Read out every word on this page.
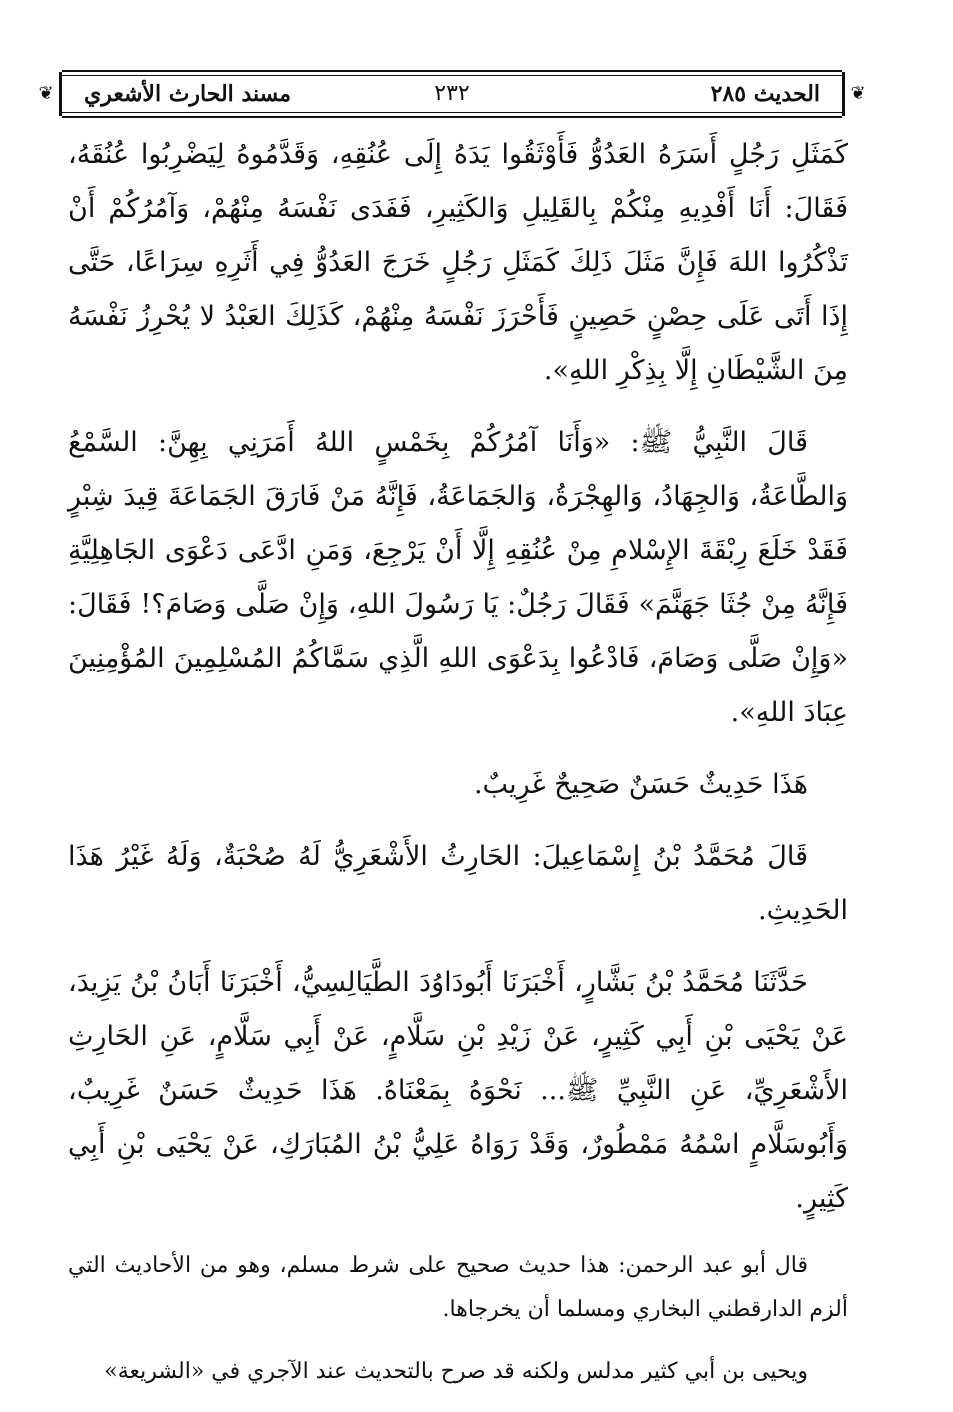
❦	❦
الحديث ٢٨٥
٢٣٢
مسند الحارث الأشعري

كَمَثَلِ رَجُلٍ أَسَرَهُ العَدُوُّ فَأَوْثَقُوا يَدَهُ إِلَى عُنُقِهِ، وَقَدَّمُوهُ لِيَضْرِبُوا عُنُقَهُ، فَقَالَ: أَنَا أَفْدِيهِ مِنْكُمْ بِالقَلِيلِ وَالكَثِيرِ، فَفَدَى نَفْسَهُ مِنْهُمْ، وَآمُرُكُمْ أَنْ تَذْكُرُوا اللهَ فَإِنَّ مَثَلَ ذَلِكَ كَمَثَلِ رَجُلٍ خَرَجَ العَدُوُّ فِي أَثَرِهِ سِرَاعًا، حَتَّى إِذَا أَتَى عَلَى حِصْنٍ حَصِينٍ فَأَحْرَزَ نَفْسَهُ مِنْهُمْ، كَذَلِكَ العَبْدُ لا يُحْرِزُ نَفْسَهُ مِنَ الشَّيْطَانِ إِلَّا بِذِكْرِ اللهِ».

قَالَ النَّبِيُّ ﷺ: «وَأَنَا آمُرُكُمْ بِخَمْسٍ اللهُ أَمَرَنِي بِهِنَّ: السَّمْعُ وَالطَّاعَةُ، وَالجِهَادُ، وَالهِجْرَةُ، وَالجَمَاعَةُ، فَإِنَّهُ مَنْ فَارَقَ الجَمَاعَةَ قِيدَ شِبْرٍ فَقَدْ خَلَعَ رِبْقَةَ الإِسْلامِ مِنْ عُنُقِهِ إِلَّا أَنْ يَرْجِعَ، وَمَنِ ادَّعَى دَعْوَى الجَاهِلِيَّةِ فَإِنَّهُ مِنْ جُثَا جَهَنَّمَ» فَقَالَ رَجُلٌ: يَا رَسُولَ اللهِ، وَإِنْ صَلَّى وَصَامَ؟! فَقَالَ: «وَإِنْ صَلَّى وَصَامَ، فَادْعُوا بِدَعْوَى اللهِ الَّذِي سَمَّاكُمُ المُسْلِمِينَ المُؤْمِنِينَ عِبَادَ اللهِ».

هَذَا حَدِيثٌ حَسَنٌ صَحِيحٌ غَرِيبٌ.

قَالَ مُحَمَّدُ بْنُ إِسْمَاعِيلَ: الحَارِثُ الأَشْعَرِيُّ لَهُ صُحْبَةٌ، وَلَهُ غَيْرُ هَذَا الحَدِيثِ.

حَدَّثَنَا مُحَمَّدُ بْنُ بَشَّارٍ، أَخْبَرَنَا أَبُودَاوُدَ الطَّيَالِسِيُّ، أَخْبَرَنَا أَبَانُ بْنُ يَزِيدَ، عَنْ يَحْيَى بْنِ أَبِي كَثِيرٍ، عَنْ زَيْدِ بْنِ سَلَّامٍ، عَنْ أَبِي سَلَّامٍ، عَنِ الحَارِثِ الأَشْعَرِيِّ، عَنِ النَّبِيِّ ﷺ... نَحْوَهُ بِمَعْنَاهُ. هَذَا حَدِيثٌ حَسَنٌ غَرِيبٌ، وَأَبُوسَلَّامٍ اسْمُهُ مَمْطُورٌ، وَقَدْ رَوَاهُ عَلِيُّ بْنُ المُبَارَكِ، عَنْ يَحْيَى بْنِ أَبِي كَثِيرٍ.

قال أبو عبد الرحمن: هذا حديث صحيح على شرط مسلم، وهو من الأحاديث التي ألزم الدارقطني البخاري ومسلما أن يخرجاها.

ويحيى بن أبي كثير مدلس ولكنه قد صرح بالتحديث عند الآجري في «الشريعة»
